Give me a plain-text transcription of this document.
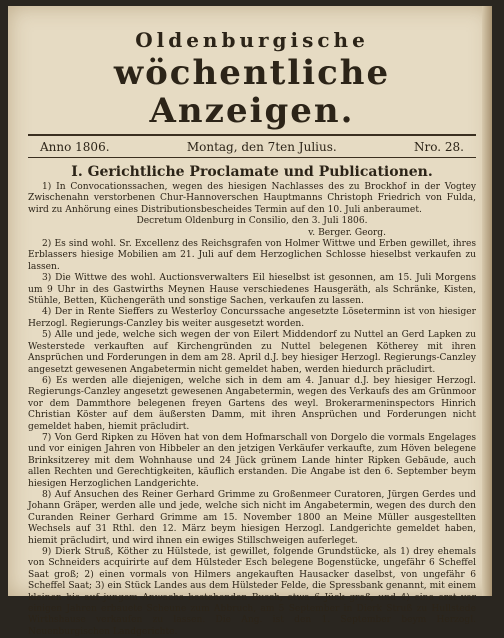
Oldenburgische
wöchentliche Anzeigen.
Anno 1806.	Montag, den 7ten Julius.	Nro. 28.
I. Gerichtliche Proclamate und Publicationen.

1) In Convocationssachen, wegen des hiesigen Nachlasses des zu Brockhof in der Vogtey Zwischenahn verstorbenen Chur-Hannoverschen Hauptmanns Christoph Friedrich von Fulda, wird zu Anhörung eines Distributionsbescheides Termin auf den 10. Juli anberaumet.

Decretum Oldenburg in Consilio, den 3. Juli 1806.

v. Berger. Georg.

2) Es sind wohl. Sr. Excellenz des Reichsgrafen von Holmer Wittwe und Erben gewillet, ihres Erblassers hiesige Mobilien am 21. Juli auf dem Herzoglichen Schlosse hieselbst verkaufen zu lassen.

3) Die Wittwe des wohl. Auctionsverwalters Eil hieselbst ist gesonnen, am 15. Juli Morgens um 9 Uhr in des Gastwirths Meynen Hause verschiedenes Hausgeräth, als Schränke, Kisten, Stühle, Betten, Küchengeräth und sonstige Sachen, verkaufen zu lassen.

4) Der in Rente Sieffers zu Westerloy Concurssache angesetzte Löseterminn ist von hiesiger Herzogl. Regierungs-Canzley bis weiter ausgesetzt worden.

5) Alle und jede, welche sich wegen der von Eilert Middendorf zu Nuttel an Gerd Lapken zu Westerstede verkauften auf Kirchengründen zu Nuttel belegenen Kötherey mit ihren Ansprüchen und Forderungen in dem am 28. April d.J. bey hiesiger Herzogl. Regierungs-Canzley angesetzt gewesenen Angabetermin nicht gemeldet haben, werden hiedurch präcludirt.

6) Es werden alle diejenigen, welche sich in dem am 4. Januar d.J. bey hiesiger Herzogl. Regierungs-Canzley angesetzt gewesenen Angabetermin, wegen des Verkaufs des am Grünmoor vor dem Dammthore belegenen freyen Gartens des weyl. Brokerarmeninspectors Hinrich Christian Köster auf dem äußersten Damm, mit ihren Ansprüchen und Forderungen nicht gemeldet haben, hiemit präcludirt.

7) Von Gerd Ripken zu Höven hat von dem Hofmarschall von Dorgelo die vormals Engelages und vor einigen Jahren von Hibbeler an den jetzigen Verkäufer verkaufte, zum Höven belegene Brinksitzerey mit dem Wohnhause und 24 Jück grünem Lande hinter Ripken Gebäude, auch allen Rechten und Gerechtigkeiten, käuflich erstanden. Die Angabe ist den 6. September beym hiesigen Herzoglichen Landgerichte.

8) Auf Ansuchen des Reiner Gerhard Grimme zu Großenmeer Curatoren, Jürgen Gerdes und Johann Gräper, werden alle und jede, welche sich nicht im Angabetermin, wegen des durch den Curanden Reiner Gerhard Grimme am 15. November 1800 an Meine Müller ausgestellten Wechsels auf 31 Rthl. den 12. März beym hiesigen Herzogl. Landgerichte gemeldet haben, hiemit präcludirt, und wird ihnen ein ewiges Stillschweigen auferleget.

9) Dierk Struß, Köther zu Hülstede, ist gewillet, folgende Grundstücke, als 1) drey ehemals von Schneiders acquirirte auf dem Hülsteder Esch belegene Bogenstücke, ungefähr 6 Scheffel Saat groß; 2) einen vormals von Hilmers angekauften Hausacker daselbst, von ungefähr 6 Scheffel Saat; 3) ein Stück Landes aus dem Hülsteder Felde, die Spressbank genannt, mit einem kleinen bis auf jungem Anwachs bestehenden Busch, etwa 6 Jück groß, und 4) eine erst vor einigen Jahren erbauete Scheune zum Abbruch, am 5 September in Dierk Struß zu Hullstede Wirthshause verkaufen zu lassen. Die Ang. ist den 1. September beym Herzogl. Neuenburgischen Landgerichte.
